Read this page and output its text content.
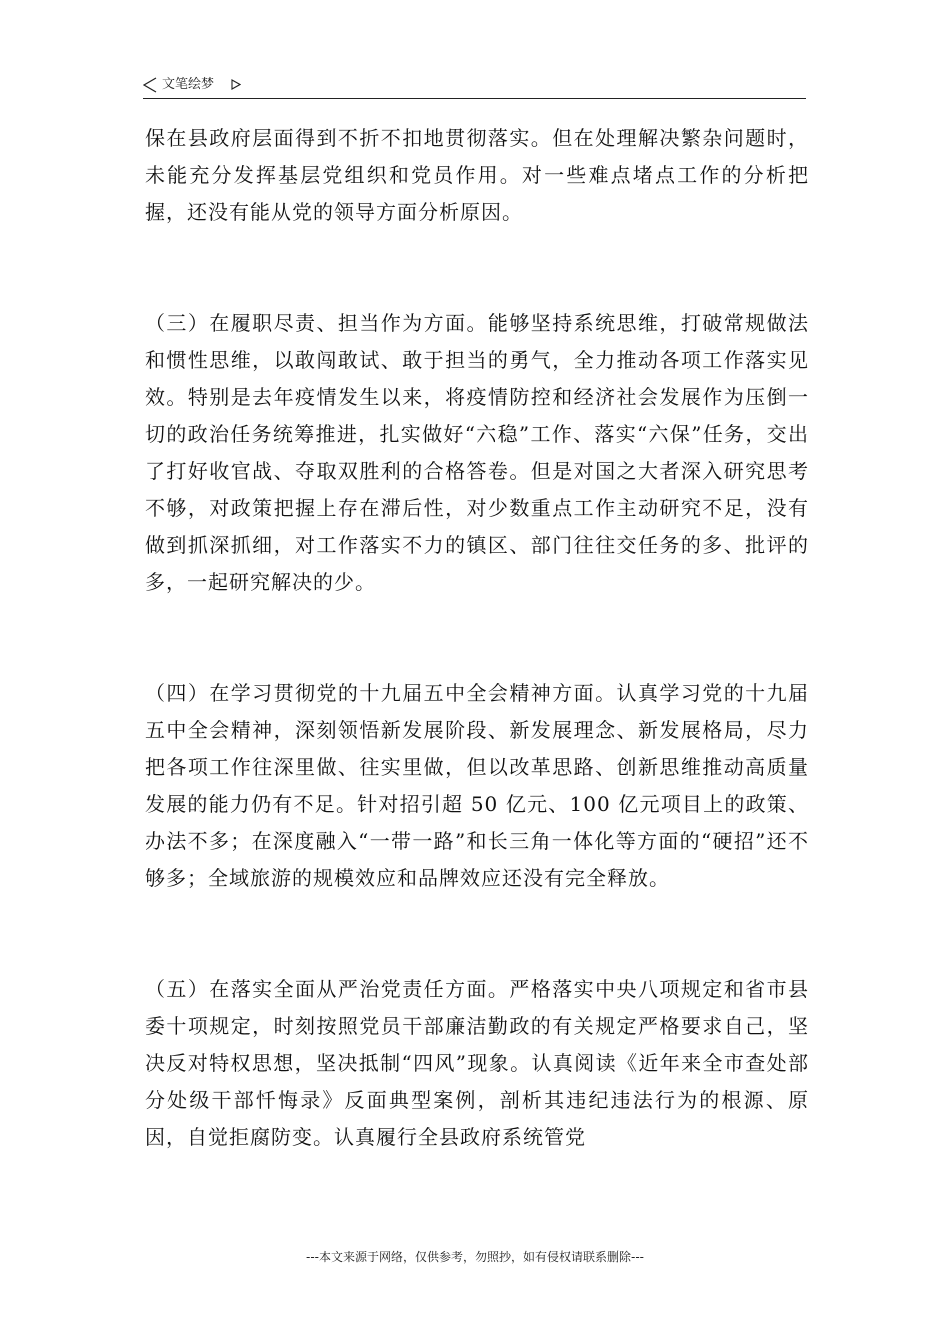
文笔绘梦

保在县政府层面得到不折不扣地贯彻落实。但在处理解决繁杂问题时，未能充分发挥基层党组织和党员作用。对一些难点堵点工作的分析把握，还没有能从党的领导方面分析原因。

（三）在履职尽责、担当作为方面。能够坚持系统思维，打破常规做法和惯性思维，以敢闯敢试、敢于担当的勇气，全力推动各项工作落实见效。特别是去年疫情发生以来，将疫情防控和经济社会发展作为压倒一切的政治任务统筹推进，扎实做好“六稳”工作、落实“六保”任务，交出了打好收官战、夺取双胜利的合格答卷。但是对国之大者深入研究思考不够，对政策把握上存在滞后性，对少数重点工作主动研究不足，没有做到抓深抓细，对工作落实不力的镇区、部门往往交任务的多、批评的多，一起研究解决的少。

（四）在学习贯彻党的十九届五中全会精神方面。认真学习党的十九届五中全会精神，深刻领悟新发展阶段、新发展理念、新发展格局，尽力把各项工作往深里做、往实里做，但以改革思路、创新思维推动高质量发展的能力仍有不足。针对招引超 50 亿元、100 亿元项目上的政策、办法不多；在深度融入“一带一路”和长三角一体化等方面的“硬招”还不够多；全域旅游的规模效应和品牌效应还没有完全释放。

（五）在落实全面从严治党责任方面。严格落实中央八项规定和省市县委十项规定，时刻按照党员干部廉洁勤政的有关规定严格要求自己，坚决反对特权思想，坚决抵制“四风”现象。认真阅读《近年来全市查处部分处级干部忏悔录》反面典型案例，剖析其违纪违法行为的根源、原因，自觉拒腐防变。认真履行全县政府系统管党

---本文来源于网络，仅供参考，勿照抄，如有侵权请联系删除---
